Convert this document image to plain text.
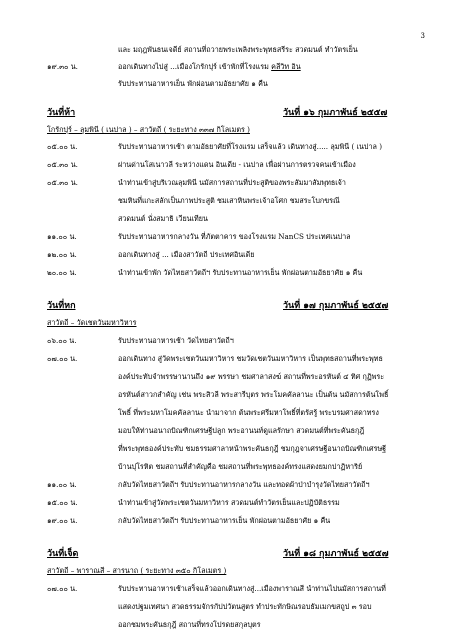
3
และ มฤฎพันธนเจดีย์ สถานที่ถวายพระเพลิงพระพุทธสรีระ สวดมนต์ ทำวัตรเย็น
๑๙.๓๐ น.	ออกเดินทางไปสู่ ...เมืองโกรักปุร์ เข้าพักที่โรงแรม คลีวิท อิน
รับประทานอาหารเย็น พักผ่อนตามอัธยาศัย ๑ คืน
วันที่ห้า	วันที่ ๑๖ กุมภาพันธ์ ๒๕๕๗
โกรักปุร์ – ลุมพินี ( เนปาล ) – สาวัตถี ( ระยะทาง ๓๓๗ กิโลเมตร )
๐๕.๐๐ น.	รับประทานอาหารเช้า ตามอัธยาศัยที่โรงแรม เสร็จแล้ว เดินทางสู่..... ลุมพินี ( เนปาล )
๐๕.๓๐ น.	ผ่านด่านโสเนาวลี ระหว่างแดน อินเดีย - เนปาล เพื่อผ่านการตรวจคนเข้าเมือง
๐๕.๓๐ น.	นำท่านเข้าสู่บริเวณลุมพินี นมัสการสถานที่ประสูติของพระสัมมาสัมพุทธเจ้า
ชมหินที่แกะสลักเป็นภาพประสูติ ชมเสาหินพระเจ้าอโศก ชมสระโบกขรณี
สวดมนต์ นั่งสมาธิ เวียนเทียน
๑๑.๐๐ น.	รับประทานอาหารกลางวัน ที่ภัตตาคาร ของโรงแรม NanCS ประเทศเนปาล
๑๒.๐๐ น.	ออกเดินทางสู่ ... เมืองสาวัตถี ประเทศอินเดีย
๒๐.๐๐ น.	นำท่านเข้าพัก วัดไทยสาวัตถีฯ รับประทานอาหารเย็น พักผ่อนตามอัธยาศัย ๑ คืน
วันที่หก	วันที่ ๑๗ กุมภาพันธ์ ๒๕๕๗
สาวัตถี – วัดเชตวันมหาวิหาร
๐๖.๐๐ น.	รับประทานอาหารเช้า วัดไทยสาวัตถีฯ
๐๗.๐๐ น.	ออกเดินทาง สู่วัดพระเชตวันมหาวิหาร ชมวัดเชตวันมหาวิหาร เป็นพุทธสถานที่พระพุทธ
องค์ประทับจำพรรษานานถึง ๑๙ พรรษา ชมศาลาสงฆ์ สถานที่พระอรหันต์ ๔ ทิศ กุฏิพระ
อรหันต์สาวกสำคัญ เช่น พระสิวลี พระสารีบุตร พระโมคคัลลานะ เป็นต้น นมัสการต้นโพธิ์
โพธิ์ ที่พระมหาโมคคัลลานะ นำมาจาก ต้นพระศรีมหาโพธิ์ที่ตรัสรู้ พระบรมศาสดาทรง
มอบให้ท่านอนาถบิณฑิกเศรษฐีปลูก พระอานนท์ดูแลรักษา สวดมนต์ที่พระคันธกุฎี
ที่พระพุทธองค์ประทับ ชมธรรมศาลาหน้าพระคันธกุฎี ชมกุฎจาเศรษฐีอนาถบิณฑิกเศรษฐี
บ้านปุโรหิต ชมสถานที่สำคัญคือ ชมสถานที่พระพุทธองค์ทรงแสดงยมกปาฏิหาริย์
๑๑.๐๐ น.	กลับวัดไทยสาวัตถีฯ รับประทานอาหารกลางวัน และทอดผ้าป่าบำรุงวัดไทยสาวัตถีฯ
๑๕.๐๐ น.	นำท่านเข้าสู่วัดพระเชตวันมหาวิหาร สวดมนต์ทำวัตรเย็นและปฏิบัติธรรม
๑๙.๐๐ น.	กลับวัดไทยสาวัตถีฯ รับประทานอาหารเย็น พักผ่อนตามอัธยาศัย ๑ คืน
วันที่เจ็ด	วันที่ ๑๘ กุมภาพันธ์ ๒๕๕๗
สาวัตถี – พาราณสี – สารนาถ ( ระยะทาง ๓๕๐ กิโลเมตร )
๐๗.๐๐ น.	รับประทานอาหารเช้าเสร็จแล้วออกเดินทางสู่...เมืองพาราณสี นำท่านไปนมัสการสถานที่
แสดงปฐมเทศนา สวดธรรมจักรกัปปวัตนสูตร ทำประทักษิณรอบธัมเมกขสถูป ๓ รอบ
ออกชมพระคันธกุฎี สถานที่ทรงโปรดยสกุลบุตร
